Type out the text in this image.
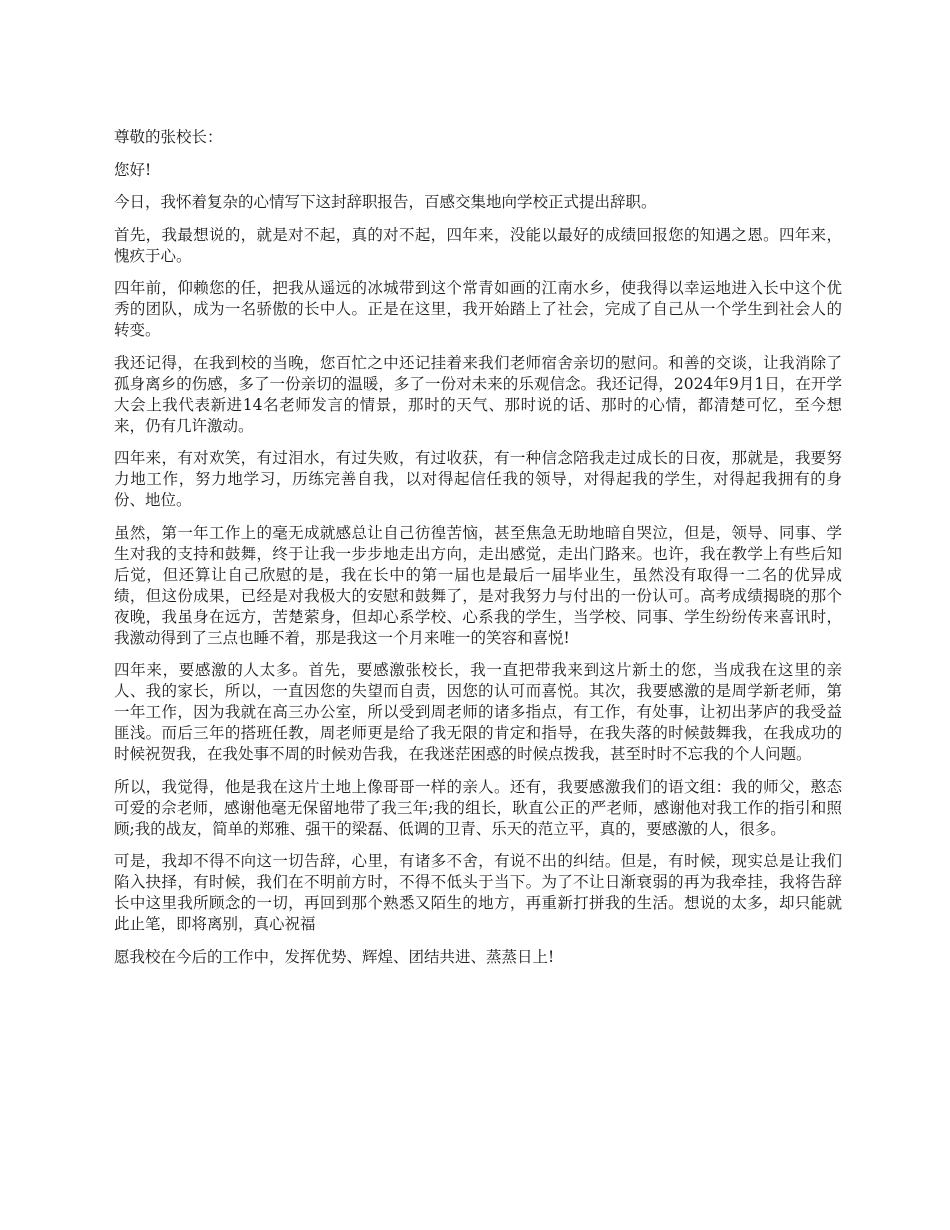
尊敬的张校长：

您好!

今日，我怀着复杂的心情写下这封辞职报告，百感交集地向学校正式提出辞职。

首先，我最想说的，就是对不起，真的对不起，四年来，没能以最好的成绩回报您的知遇之恩。四年来，愧疚于心。

四年前，仰赖您的任，把我从遥远的冰城带到这个常青如画的江南水乡，使我得以幸运地进入长中这个优秀的团队，成为一名骄傲的长中人。正是在这里，我开始踏上了社会，完成了自己从一个学生到社会人的转变。

我还记得，在我到校的当晚，您百忙之中还记挂着来我们老师宿舍亲切的慰问。和善的交谈，让我消除了孤身离乡的伤感，多了一份亲切的温暖，多了一份对未来的乐观信念。我还记得，2024年9月1日，在开学大会上我代表新进14名老师发言的情景，那时的天气、那时说的话、那时的心情，都清楚可忆，至今想来，仍有几许激动。

四年来，有对欢笑，有过泪水，有过失败，有过收获，有一种信念陪我走过成长的日夜，那就是，我要努力地工作，努力地学习，历练完善自我，以对得起信任我的领导，对得起我的学生，对得起我拥有的身份、地位。

虽然，第一年工作上的毫无成就感总让自己彷徨苦恼，甚至焦急无助地暗自哭泣，但是，领导、同事、学生对我的支持和鼓舞，终于让我一步步地走出方向，走出感觉，走出门路来。也许，我在教学上有些后知后觉，但还算让自己欣慰的是，我在长中的第一届也是最后一届毕业生，虽然没有取得一二名的优异成绩，但这份成果，已经是对我极大的安慰和鼓舞了，是对我努力与付出的一份认可。高考成绩揭晓的那个夜晚，我虽身在远方，苦楚萦身，但却心系学校、心系我的学生，当学校、同事、学生纷纷传来喜讯时，我激动得到了三点也睡不着，那是我这一个月来唯一的笑容和喜悦!

四年来，要感激的人太多。首先，要感激张校长，我一直把带我来到这片新土的您，当成我在这里的亲人、我的家长，所以，一直因您的失望而自责，因您的认可而喜悦。其次，我要感激的是周学新老师，第一年工作，因为我就在高三办公室，所以受到周老师的诸多指点，有工作，有处事，让初出茅庐的我受益匪浅。而后三年的搭班任教，周老师更是给了我无限的肯定和指导，在我失落的时候鼓舞我，在我成功的时候祝贺我，在我处事不周的时候劝告我，在我迷茫困惑的时候点拨我，甚至时时不忘我的个人问题。

所以，我觉得，他是我在这片土地上像哥哥一样的亲人。还有，我要感激我们的语文组：我的师父，憨态可爱的佘老师，感谢他毫无保留地带了我三年;我的组长，耿直公正的严老师，感谢他对我工作的指引和照顾;我的战友，简单的郑雅、强干的梁磊、低调的卫青、乐天的范立平，真的，要感激的人，很多。

可是，我却不得不向这一切告辞，心里，有诸多不舍，有说不出的纠结。但是，有时候，现实总是让我们陷入抉择，有时候，我们在不明前方时，不得不低头于当下。为了不让日渐衰弱的再为我牵挂，我将告辞长中这里我所顾念的一切，再回到那个熟悉又陌生的地方，再重新打拼我的生活。想说的太多，却只能就此止笔，即将离别，真心祝福

愿我校在今后的工作中，发挥优势、辉煌、团结共进、蒸蒸日上!
